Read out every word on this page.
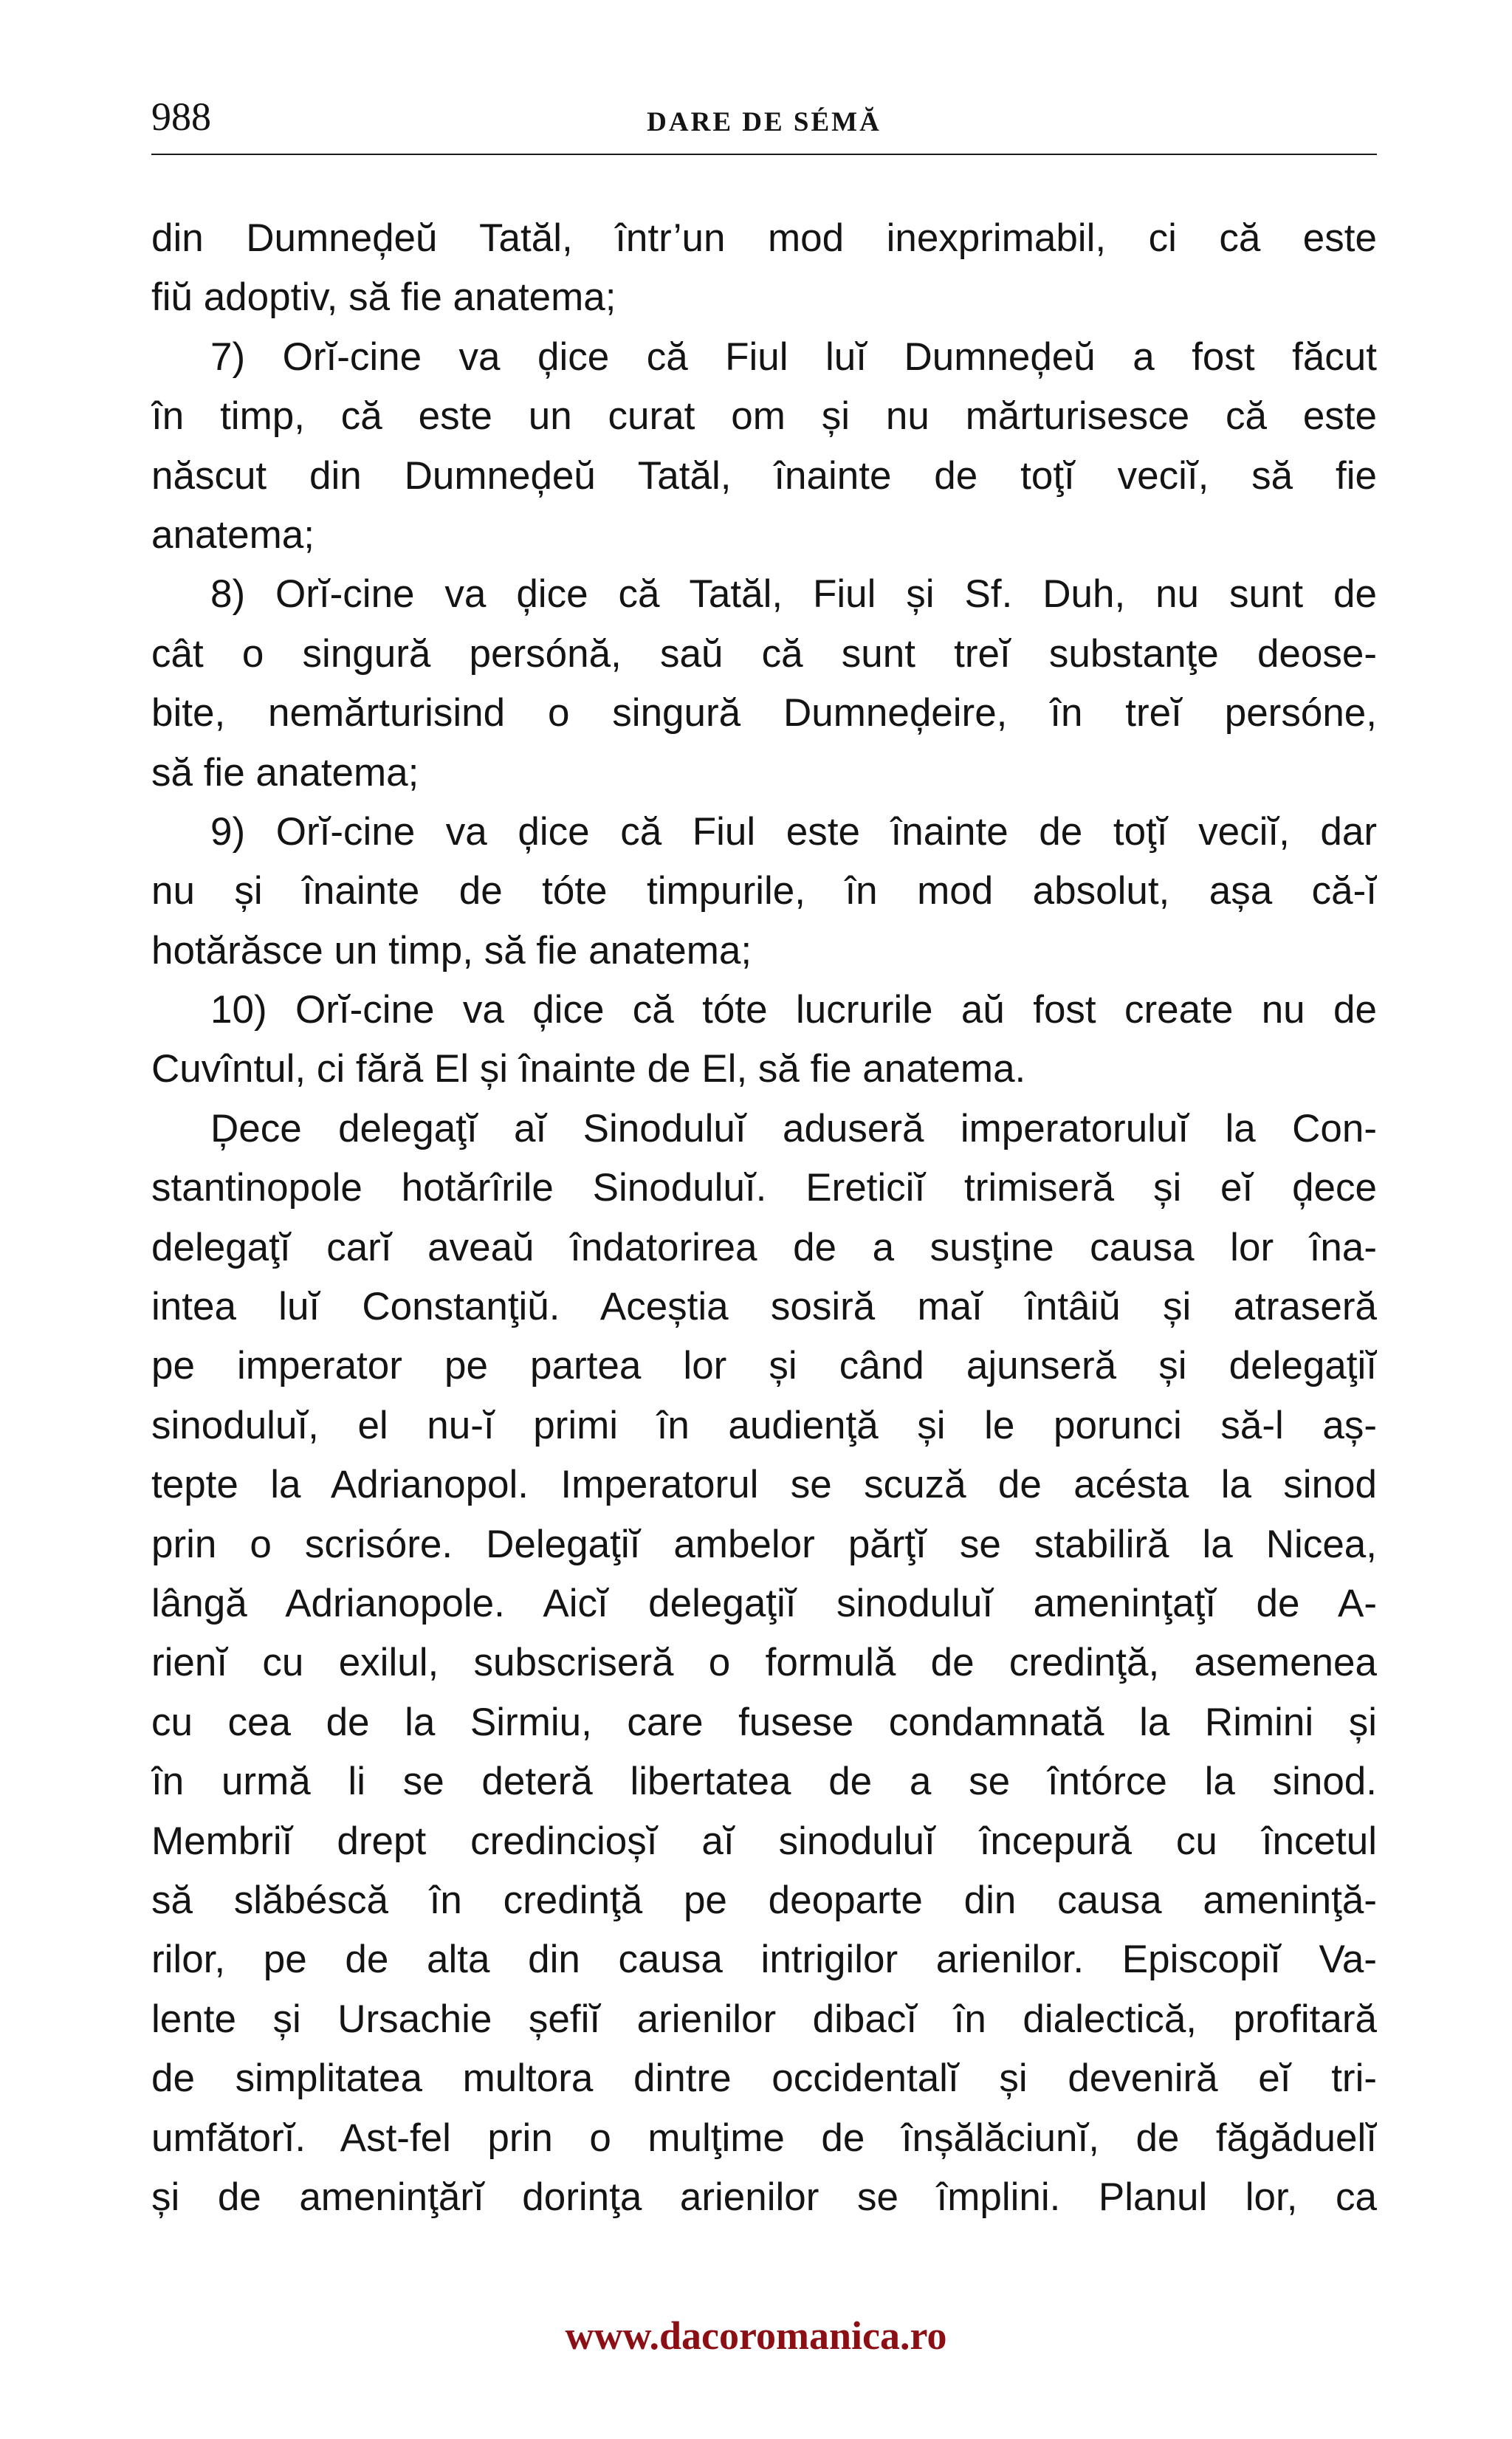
988	DARE DE SÉMĂ
din Dumneḑeŭ Tatăl, într’un mod inexprimabil, ci că este
fiŭ adoptiv, să fie anatema;
7) Orĭ-cine va ḑice că Fiul luĭ Dumneḑeŭ a fost făcut
în timp, că este un curat om și nu mărturisesce că este
născut din Dumneḑeŭ Tatăl, înainte de toţĭ veciĭ, să fie
anatema;
8) Orĭ-cine va ḑice că Tatăl, Fiul și Sf. Duh, nu sunt de
cât o singură persónă, saŭ că sunt treĭ substanţe deose-
bite, nemărturisind o singură Dumneḑeire, în treĭ persóne,
să fie anatema;
9) Orĭ-cine va ḑice că Fiul este înainte de toţĭ veciĭ, dar
nu și înainte de tóte timpurile, în mod absolut, așa că-ĭ
hotărăsce un timp, să fie anatema;
10) Orĭ-cine va ḑice că tóte lucrurile aŭ fost create nu de
Cuvîntul, ci fără El și înainte de El, să fie anatema.
Ḑece delegaţĭ aĭ Sinoduluĭ aduseră imperatoruluĭ la Con-
stantinopole hotărîrile Sinoduluĭ. Ereticiĭ trimiseră și eĭ ḑece
delegaţĭ carĭ aveaŭ îndatorirea de a susţine causa lor îna-
intea luĭ Constanţiŭ. Aceștia sosiră maĭ întâiŭ și atraseră
pe imperator pe partea lor și când ajunseră și delegaţiĭ
sinoduluĭ, el nu-ĭ primi în audienţă și le porunci să-l aș-
tepte la Adrianopol. Imperatorul se scuză de acésta la sinod
prin o scrisóre. Delegaţiĭ ambelor părţĭ se stabiliră la Nicea,
lângă Adrianopole. Aicĭ delegaţiĭ sinoduluĭ ameninţaţĭ de A-
rienĭ cu exilul, subscriseră o formulă de credinţă, asemenea
cu cea de la Sirmiu, care fusese condamnată la Rimini și
în urmă li se deteră libertatea de a se întórce la sinod.
Membriĭ drept credincioșĭ aĭ sinoduluĭ începură cu încetul
să slăbéscă în credinţă pe deoparte din causa ameninţă-
rilor, pe de alta din causa intrigilor arienilor. Episcopiĭ Va-
lente și Ursachie șefiĭ arienilor dibacĭ în dialectică, profitară
de simplitatea multora dintre occidentalĭ și deveniră eĭ tri-
umfătorĭ. Ast-fel prin o mulţime de înșălăciunĭ, de făgăduelĭ
și de ameninţărĭ dorinţa arienilor se împlini. Planul lor, ca
www.dacoromanica.ro
